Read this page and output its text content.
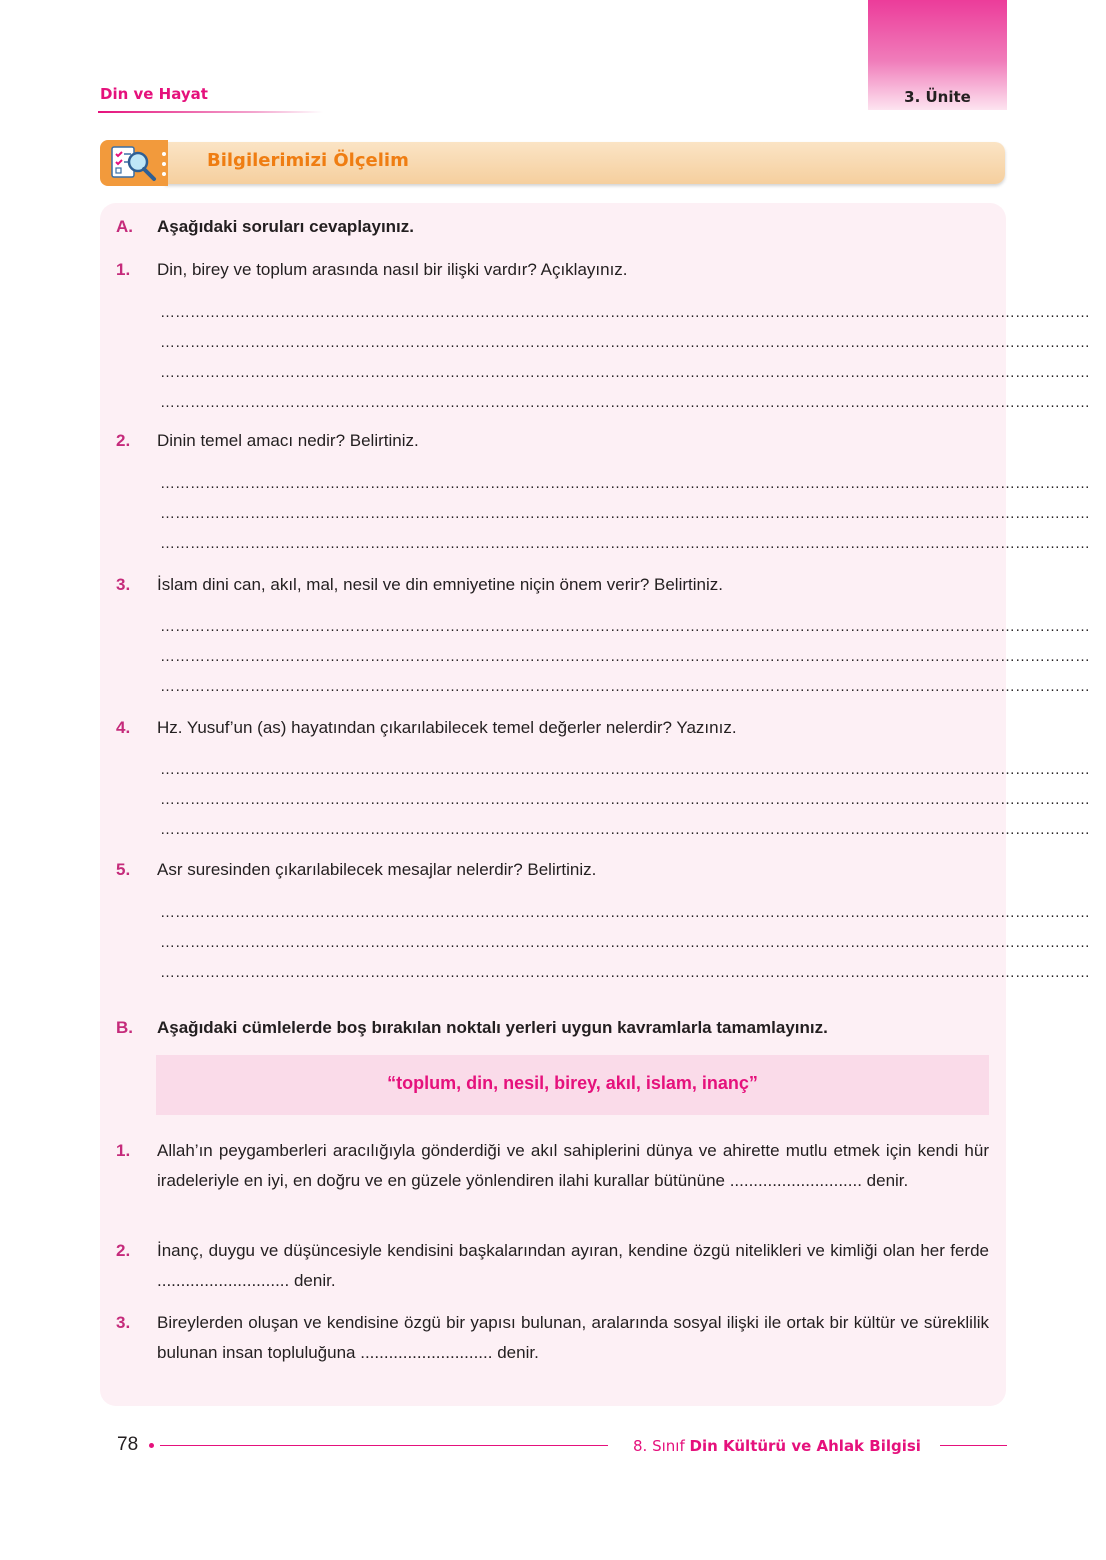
3. Ünite
Din ve Hayat
Bilgilerimizi Ölçelim
A. Aşağıdaki soruları cevaplayınız.
1. Din, birey ve toplum arasında nasıl bir ilişki vardır? Açıklayınız.
……………………………………………………………………………………………………………………………………………………………………
……………………………………………………………………………………………………………………………………………………………………
……………………………………………………………………………………………………………………………………………………………………
……………………………………………………………………………………………………………………………………………………………………
2. Dinin temel amacı nedir? Belirtiniz.
……………………………………………………………………………………………………………………………………………………………………
……………………………………………………………………………………………………………………………………………………………………
……………………………………………………………………………………………………………………………………………………………………
3. İslam dini can, akıl, mal, nesil ve din emniyetine niçin önem verir? Belirtiniz.
……………………………………………………………………………………………………………………………………………………………………
……………………………………………………………………………………………………………………………………………………………………
……………………………………………………………………………………………………………………………………………………………………
4. Hz. Yusuf’un (as) hayatından çıkarılabilecek temel değerler nelerdir? Yazınız.
……………………………………………………………………………………………………………………………………………………………………
……………………………………………………………………………………………………………………………………………………………………
……………………………………………………………………………………………………………………………………………………………………
5. Asr suresinden çıkarılabilecek mesajlar nelerdir? Belirtiniz.
……………………………………………………………………………………………………………………………………………………………………
……………………………………………………………………………………………………………………………………………………………………
……………………………………………………………………………………………………………………………………………………………………
B. Aşağıdaki cümlelerde boş bırakılan noktalı yerleri uygun kavramlarla tamamlayınız.
“toplum, din, nesil, birey, akıl, islam, inanç”
1. Allah’ın peygamberleri aracılığıyla gönderdiği ve akıl sahiplerini dünya ve ahirette mutlu etmek için kendi hür iradeleriyle en iyi, en doğru ve en güzele yönlendiren ilahi kurallar bütününe ............................ denir.
2. İnanç, duygu ve düşüncesiyle kendisini başkalarından ayıran, kendine özgü nitelikleri ve kimliği olan her ferde ............................ denir.
3. Bireylerden oluşan ve kendisine özgü bir yapısı bulunan, aralarında sosyal ilişki ile ortak bir kültür ve süreklilik bulunan insan topluluğuna ............................ denir.
78	8. Sınıf Din Kültürü ve Ahlak Bilgisi
